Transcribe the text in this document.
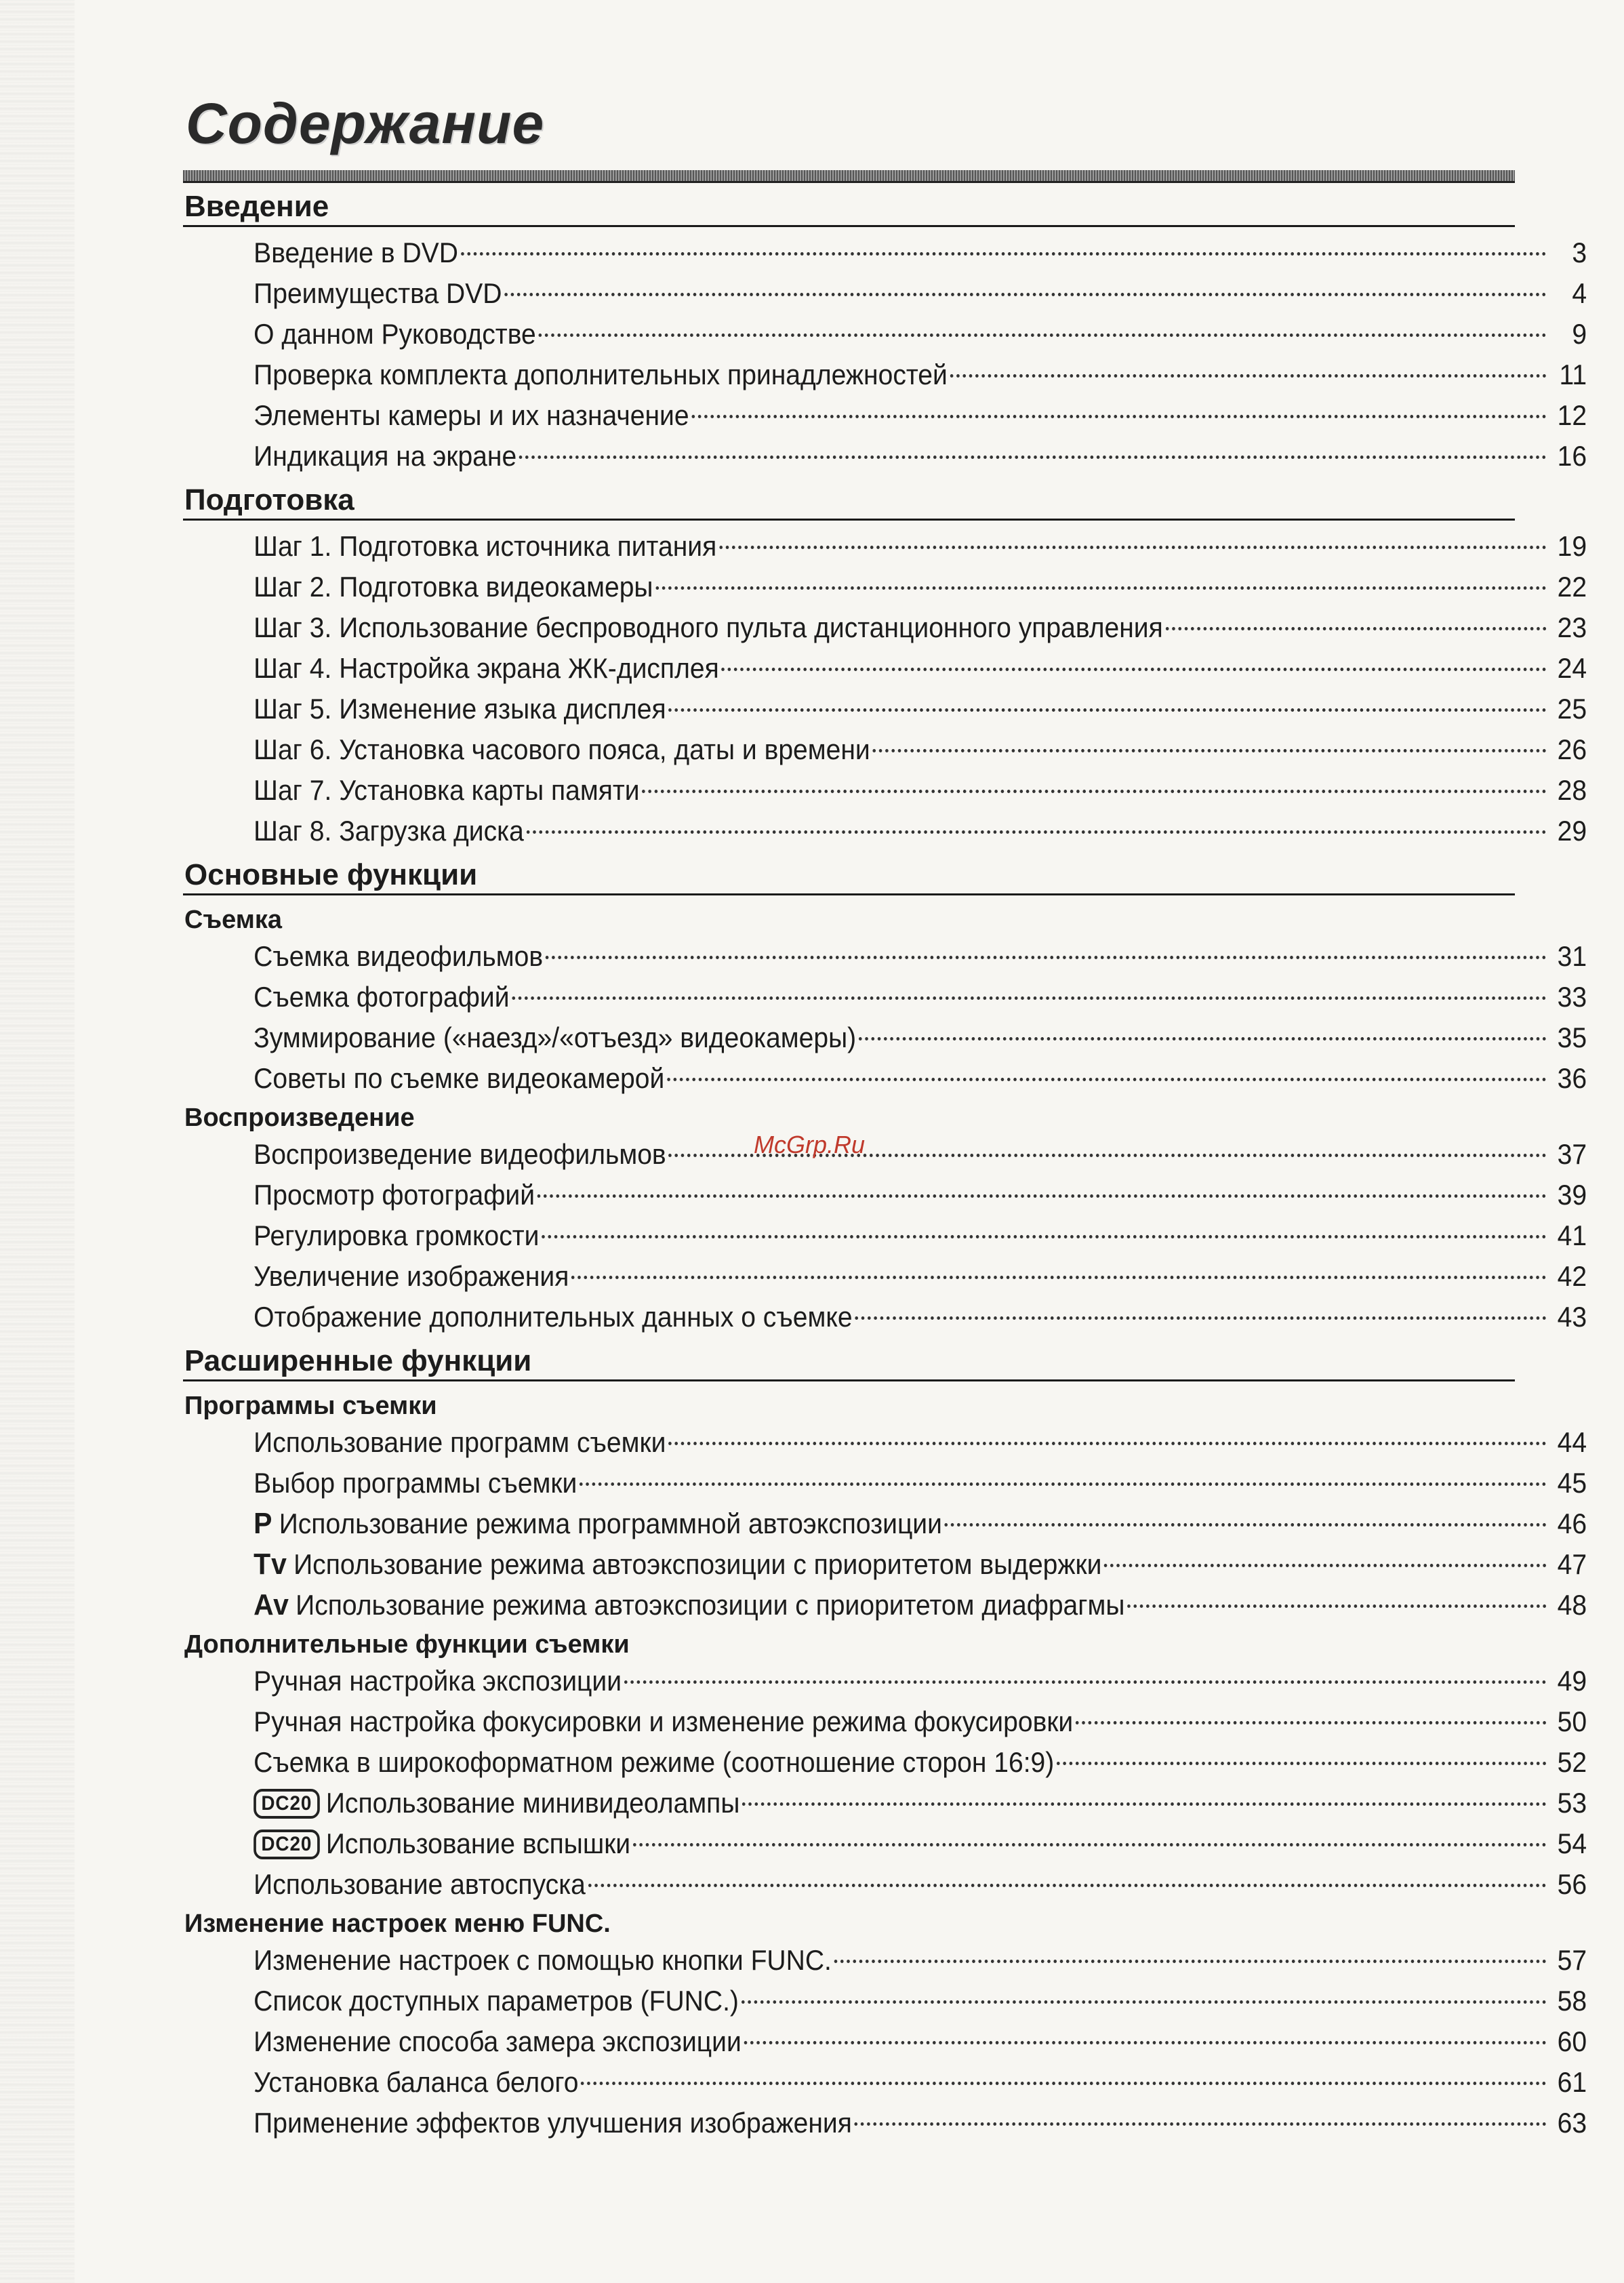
Содержание
Введение
Введение в DVD	3
Преимущества DVD	4
О данном Руководстве	9
Проверка комплекта дополнительных принадлежностей	11
Элементы камеры и их назначение	12
Индикация на экране	16
Подготовка
Шаг 1. Подготовка источника питания	19
Шаг 2. Подготовка видеокамеры	22
Шаг 3. Использование беспроводного пульта дистанционного управления	23
Шаг 4. Настройка экрана ЖК-дисплея	24
Шаг 5. Изменение языка дисплея	25
Шаг 6. Установка часового пояса, даты и времени	26
Шаг 7. Установка карты памяти	28
Шаг 8. Загрузка диска	29
Основные функции
Съемка
Съемка видеофильмов	31
Съемка фотографий	33
Зуммирование («наезд»/«отъезд» видеокамеры)	35
Советы по съемке видеокамерой	36
Воспроизведение
Воспроизведение видеофильмов	37
Просмотр фотографий	39
Регулировка громкости	41
Увеличение изображения	42
Отображение дополнительных данных о съемке	43
Расширенные функции
Программы съемки
Использование программ съемки	44
Выбор программы съемки	45
P Использование режима программной автоэкспозиции	46
Tv Использование режима автоэкспозиции с приоритетом выдержки	47
Av Использование режима автоэкспозиции с приоритетом диафрагмы	48
Дополнительные функции съемки
Ручная настройка экспозиции	49
Ручная настройка фокусировки и изменение режима фокусировки	50
Съемка в широкоформатном режиме (соотношение сторон 16:9)	52
DC20 Использование минивидеолампы	53
DC20 Использование вспышки	54
Использование автоспуска	56
Изменение настроек меню FUNC.
Изменение настроек с помощью кнопки FUNC.	57
Список доступных параметров (FUNC.)	58
Изменение способа замера экспозиции	60
Установка баланса белого	61
Применение эффектов улучшения изображения	63
McGrp.Ru
